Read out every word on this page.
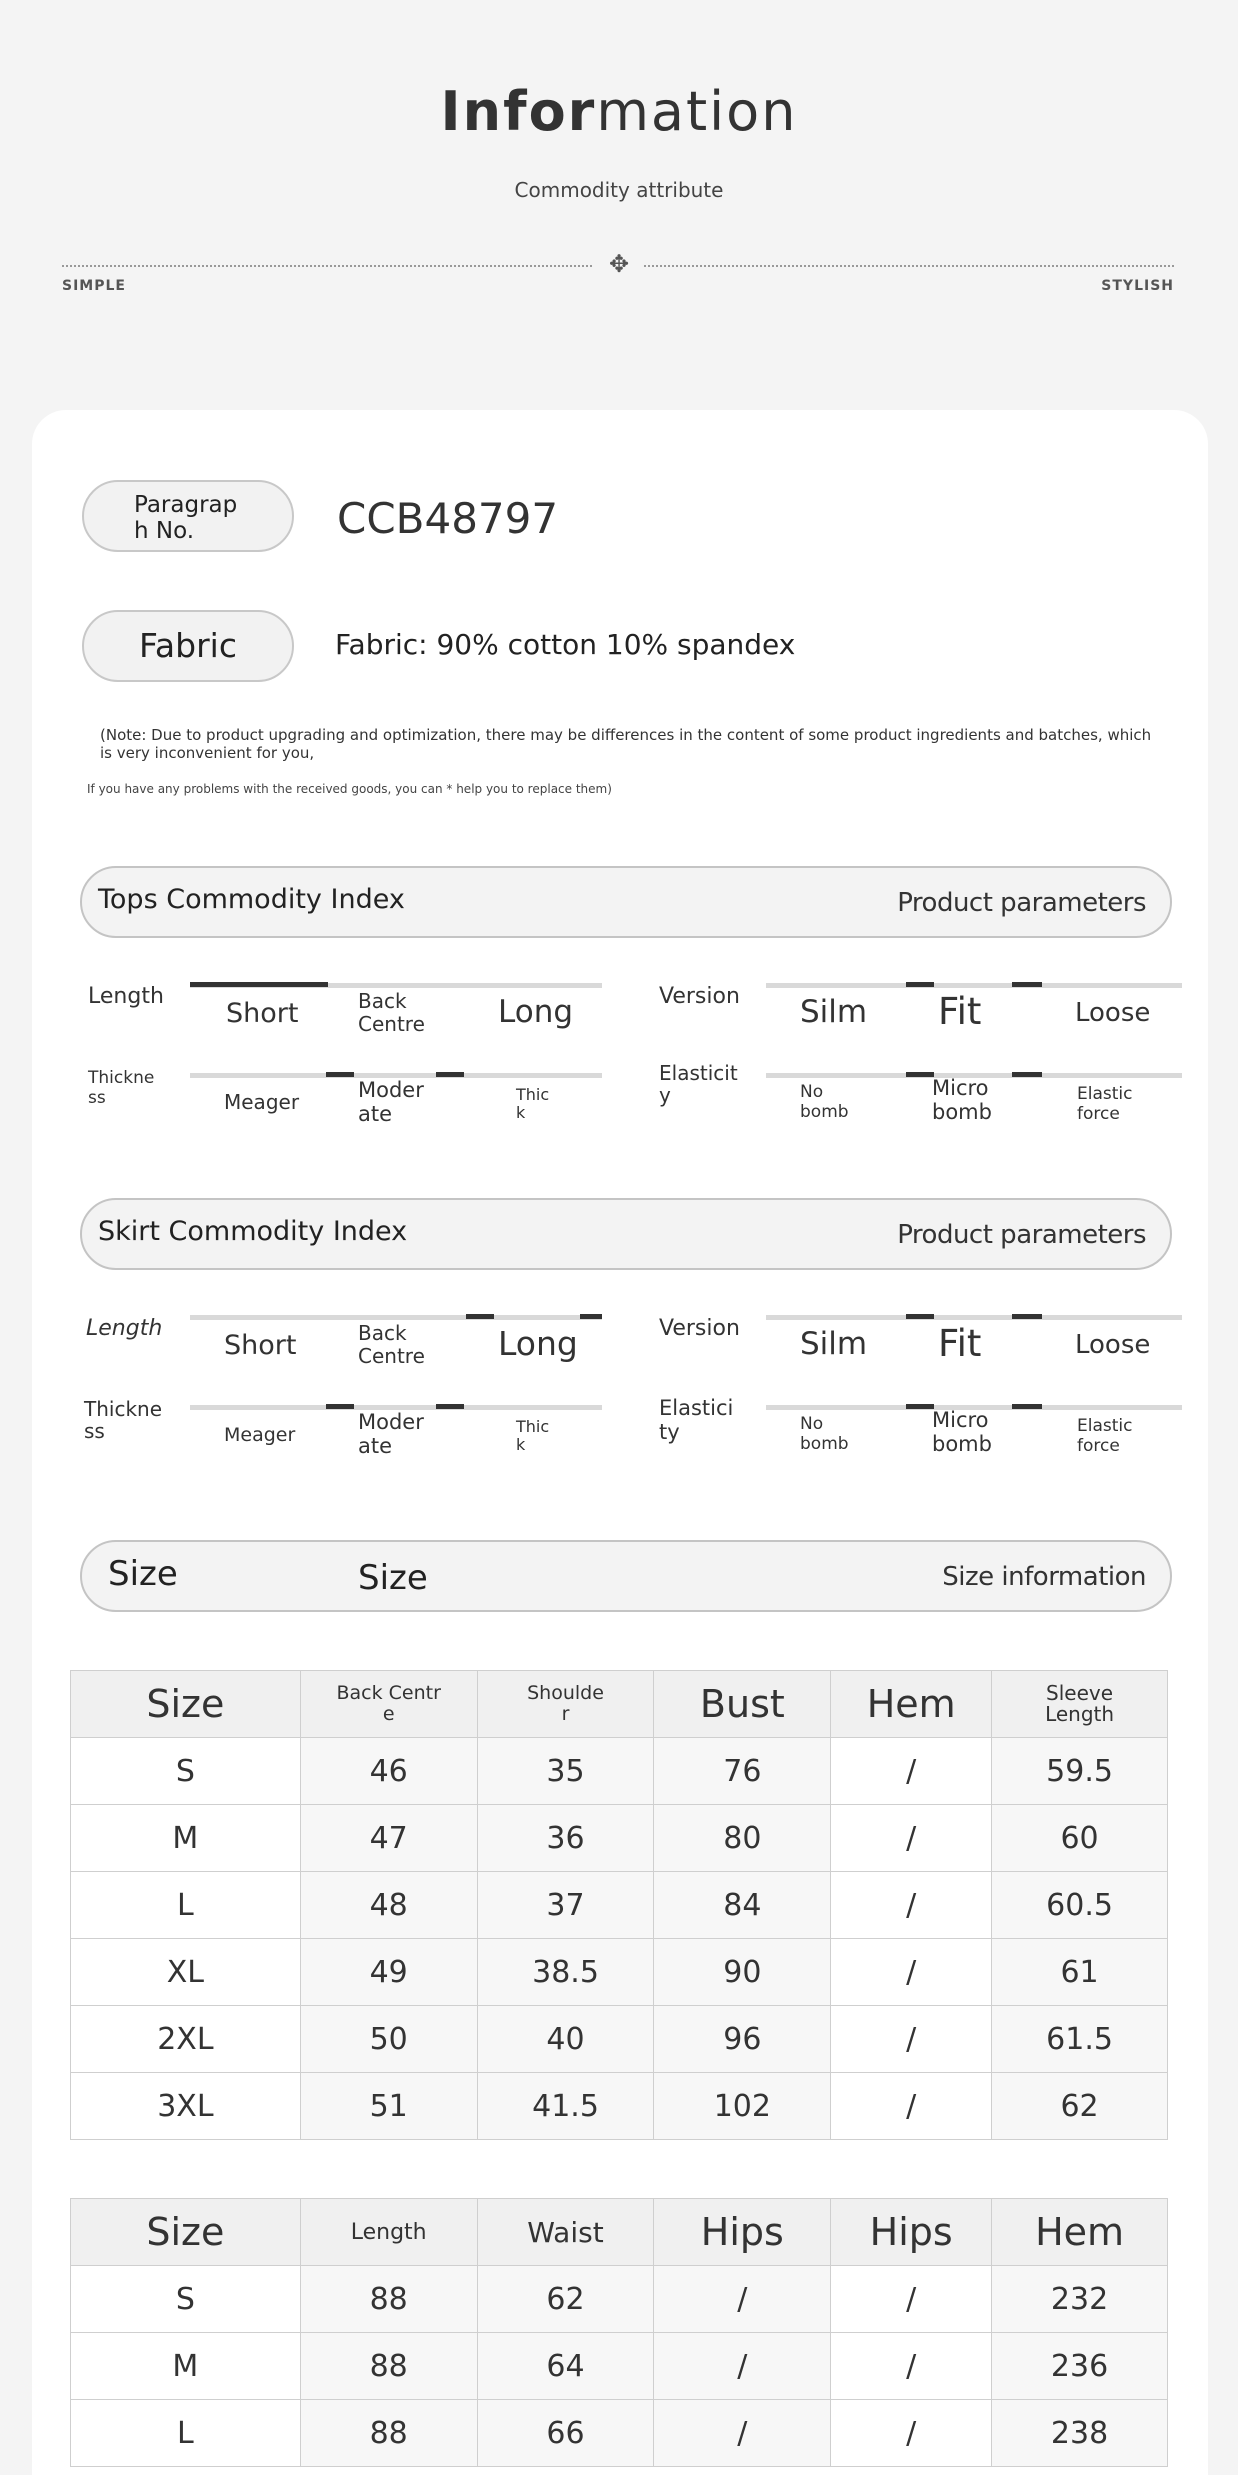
Information
Commodity attribute
✥
SIMPLE	STYLISH
Paragraph No.	CCB48797
Fabric	Fabric: 90% cotton 10% spandex
(Note: Due to product upgrading and optimization, there may be differences in the content of some product ingredients and batches, which is very inconvenient for you,
If you have any problems with the received goods, you can * help you to replace them)
Tops Commodity Index	Product parameters
Length
Short	Back Centre Long	Version Silm Fit	Loose
Thickness	Meager	Moderate
Thick
Elasticity	No bomb
Micro bomb
Elastic force
Skirt Commodity Index	Product parameters
Length
Short	Back Centre Long	Version Silm Fit	Loose
Thickness	Meager
Moderate
Thick
Elasticity	No bomb
Micro bomb
Elastic force
Size	Size	Size information
Size	Back Centre	Shoulder	Bust	Hem	Sleeve Length
S	46	35	76	/	59.5
M	47	36	80	/	60
L	48	37	84	/	60.5
XL	49	38.5	90	/	61
2XL	50	40	96	/	61.5
3XL	51	41.5	102	/	62
Size	Length	Waist	Hips	Hips	Hem
S	88	62	/	/	232
M	88	64	/	/	236
L	88	66	/	/	238
